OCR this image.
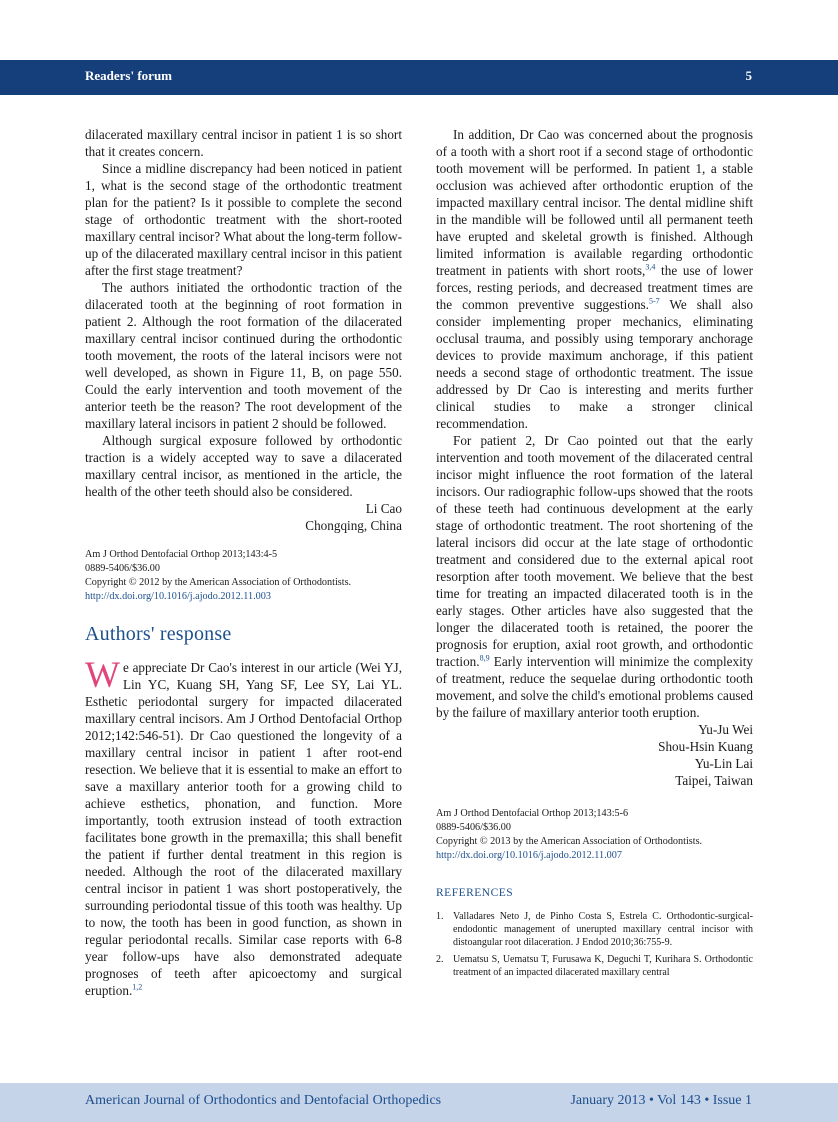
Readers' forum	5

dilacerated maxillary central incisor in patient 1 is so short that it creates concern.

Since a midline discrepancy had been noticed in patient 1, what is the second stage of the orthodontic treatment plan for the patient? Is it possible to complete the second stage of orthodontic treatment with the short-rooted maxillary central incisor? What about the long-term follow-up of the dilacerated maxillary central incisor in this patient after the first stage treatment?

The authors initiated the orthodontic traction of the dilacerated tooth at the beginning of root formation in patient 2. Although the root formation of the dilacerated maxillary central incisor continued during the orthodontic tooth movement, the roots of the lateral incisors were not well developed, as shown in Figure 11, B, on page 550. Could the early intervention and tooth movement of the anterior teeth be the reason? The root development of the maxillary lateral incisors in patient 2 should be followed.

Although surgical exposure followed by orthodontic traction is a widely accepted way to save a dilacerated maxillary central incisor, as mentioned in the article, the health of the other teeth should also be considered.

Li Cao
Chongqing, China
Am J Orthod Dentofacial Orthop 2013;143:4-5
0889-5406/$36.00
Copyright © 2012 by the American Association of Orthodontists.
http://dx.doi.org/10.1016/j.ajodo.2012.11.003
Authors' response

We appreciate Dr Cao's interest in our article (Wei YJ, Lin YC, Kuang SH, Yang SF, Lee SY, Lai YL. Esthetic periodontal surgery for impacted dilacerated maxillary central incisors. Am J Orthod Dentofacial Orthop 2012;142:546-51). Dr Cao questioned the longevity of a maxillary central incisor in patient 1 after root-end resection. We believe that it is essential to make an effort to save a maxillary anterior tooth for a growing child to achieve esthetics, phonation, and function. More importantly, tooth extrusion instead of tooth extraction facilitates bone growth in the premaxilla; this shall benefit the patient if further dental treatment in this region is needed. Although the root of the dilacerated maxillary central incisor in patient 1 was short postoperatively, the surrounding periodontal tissue of this tooth was healthy. Up to now, the tooth has been in good function, as shown in regular periodontal recalls. Similar case reports with 6-8 year follow-ups have also demonstrated adequate prognoses of teeth after apicoectomy and surgical eruption.$^{1,2}$

In addition, Dr Cao was concerned about the prognosis of a tooth with a short root if a second stage of orthodontic tooth movement will be performed. In patient 1, a stable occlusion was achieved after orthodontic eruption of the impacted maxillary central incisor. The dental midline shift in the mandible will be followed until all permanent teeth have erupted and skeletal growth is finished. Although limited information is available regarding orthodontic treatment in patients with short roots,$^{3,4}$ the use of lower forces, resting periods, and decreased treatment times are the common preventive suggestions.$^{5-7}$ We shall also consider implementing proper mechanics, eliminating occlusal trauma, and possibly using temporary anchorage devices to provide maximum anchorage, if this patient needs a second stage of orthodontic treatment. The issue addressed by Dr Cao is interesting and merits further clinical studies to make a stronger clinical recommendation.

For patient 2, Dr Cao pointed out that the early intervention and tooth movement of the dilacerated central incisor might influence the root formation of the lateral incisors. Our radiographic follow-ups showed that the roots of these teeth had continuous development at the early stage of orthodontic treatment. The root shortening of the lateral incisors did occur at the late stage of orthodontic treatment and considered due to the external apical root resorption after tooth movement. We believe that the best time for treating an impacted dilacerated tooth is in the early stages. Other articles have also suggested that the longer the dilacerated tooth is retained, the poorer the prognosis for eruption, axial root growth, and orthodontic traction.$^{8,9}$ Early intervention will minimize the complexity of treatment, reduce the sequelae during orthodontic tooth movement, and solve the child's emotional problems caused by the failure of maxillary anterior tooth eruption.

Yu-Ju Wei
Shou-Hsin Kuang
Yu-Lin Lai
Taipei, Taiwan
Am J Orthod Dentofacial Orthop 2013;143:5-6
0889-5406/$36.00
Copyright © 2013 by the American Association of Orthodontists.
http://dx.doi.org/10.1016/j.ajodo.2012.11.007
REFERENCES
1. Valladares Neto J, de Pinho Costa S, Estrela C. Orthodontic-surgical-endodontic management of unerupted maxillary central incisor with distoangular root dilaceration. J Endod 2010;36:755-9.
2. Uematsu S, Uematsu T, Furusawa K, Deguchi T, Kurihara S. Orthodontic treatment of an impacted dilacerated maxillary central
American Journal of Orthodontics and Dentofacial Orthopedics	January 2013 • Vol 143 • Issue 1
